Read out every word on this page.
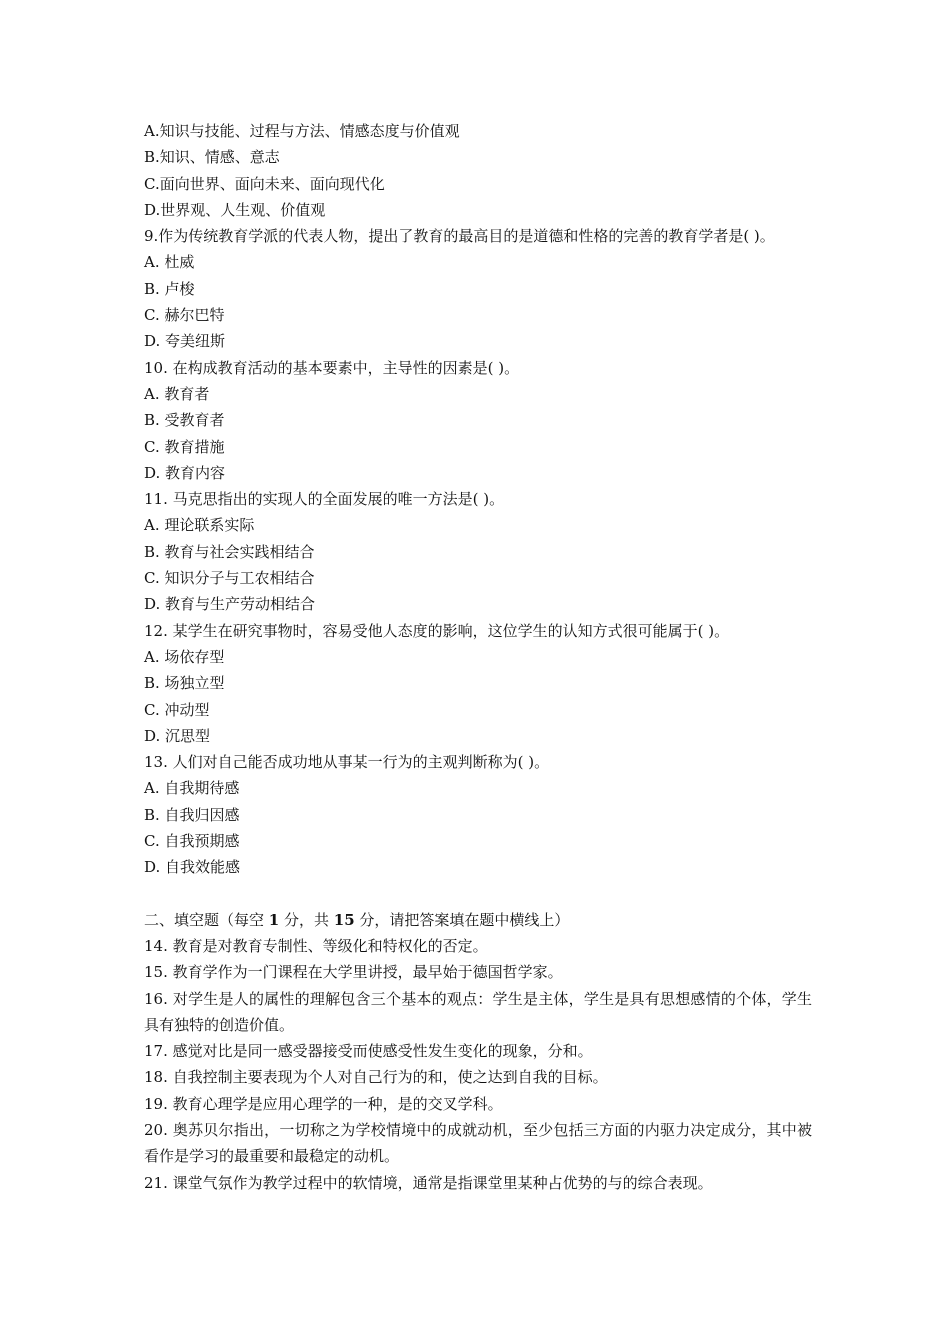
A.知识与技能、过程与方法、情感态度与价值观
B.知识、情感、意志
C.面向世界、面向未来、面向现代化
D.世界观、人生观、价值观
9.作为传统教育学派的代表人物，提出了教育的最高目的是道德和性格的完善的教育学者是( )。
A. 杜威
B. 卢梭
C. 赫尔巴特
D. 夸美纽斯
10. 在构成教育活动的基本要素中，主导性的因素是( )。
A. 教育者
B. 受教育者
C. 教育措施
D. 教育内容
11. 马克思指出的实现人的全面发展的唯一方法是( )。
A. 理论联系实际
B. 教育与社会实践相结合
C. 知识分子与工农相结合
D. 教育与生产劳动相结合
12. 某学生在研究事物时，容易受他人态度的影响，这位学生的认知方式很可能属于( )。
A. 场依存型
B. 场独立型
C. 冲动型
D. 沉思型
13. 人们对自己能否成功地从事某一行为的主观判断称为( )。
A. 自我期待感
B. 自我归因感
C. 自我预期感
D. 自我效能感
二、填空题（每空 1 分，共 15 分，请把答案填在题中横线上）
14. 教育是对教育专制性、等级化和特权化的否定。
15. 教育学作为一门课程在大学里讲授，最早始于德国哲学家。
16. 对学生是人的属性的理解包含三个基本的观点：学生是主体，学生是具有思想感情的个体，学生具有独特的创造价值。
17. 感觉对比是同一感受器接受而使感受性发生变化的现象，分和。
18. 自我控制主要表现为个人对自己行为的和，使之达到自我的目标。
19. 教育心理学是应用心理学的一种，是的交叉学科。
20. 奥苏贝尔指出，一切称之为学校情境中的成就动机，至少包括三方面的内驱力决定成分，其中被看作是学习的最重要和最稳定的动机。
21. 课堂气氛作为教学过程中的软情境，通常是指课堂里某种占优势的与的综合表现。
